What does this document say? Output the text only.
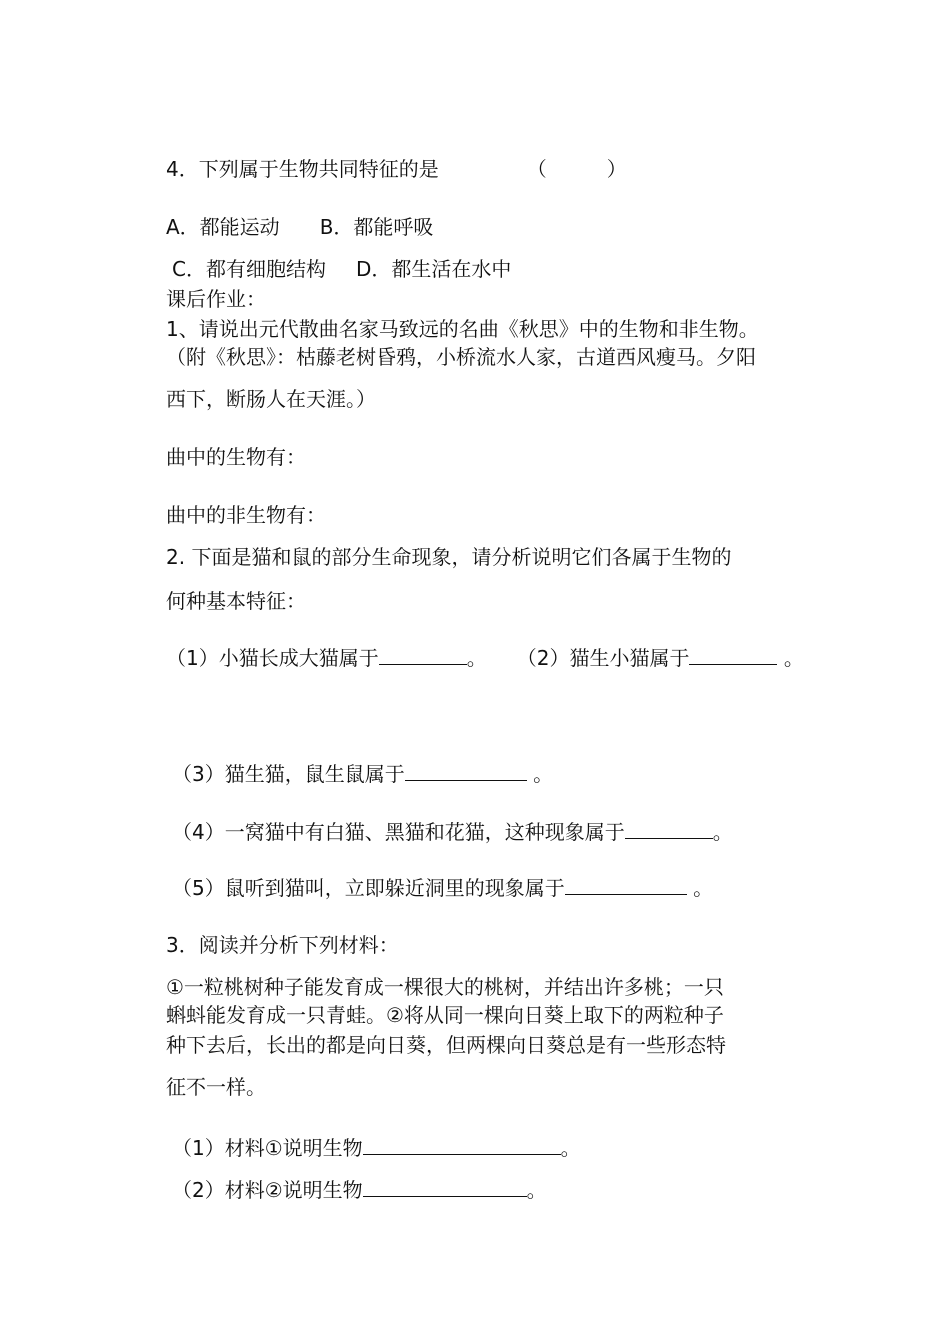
4．下列属于生物共同特征的是	（　　　）
A．都能运动 B．都能呼吸
C．都有细胞结构 D．都生活在水中
课后作业：
1、请说出元代散曲名家马致远的名曲《秋思》中的生物和非生物。
（附《秋思》：枯藤老树昏鸦，小桥流水人家，古道西风瘦马。夕阳
西下，断肠人在天涯。）
曲中的生物有：
曲中的非生物有：
2. 下面是猫和鼠的部分生命现象，请分析说明它们各属于生物的
何种基本特征：
（1）小猫长成大猫属于	。 （2）猫生小猫属于	。
（3）猫生猫，鼠生鼠属于	。
（4）一窝猫中有白猫、黑猫和花猫，这种现象属于	。
（5）鼠听到猫叫，立即躲近洞里的现象属于	。
3．阅读并分析下列材料：
①一粒桃树种子能发育成一棵很大的桃树，并结出许多桃；一只
蝌蚪能发育成一只青蛙。②将从同一棵向日葵上取下的两粒种子
种下去后，长出的都是向日葵，但两棵向日葵总是有一些形态特
征不一样。
（1）材料①说明生物	。
（2）材料②说明生物	。
